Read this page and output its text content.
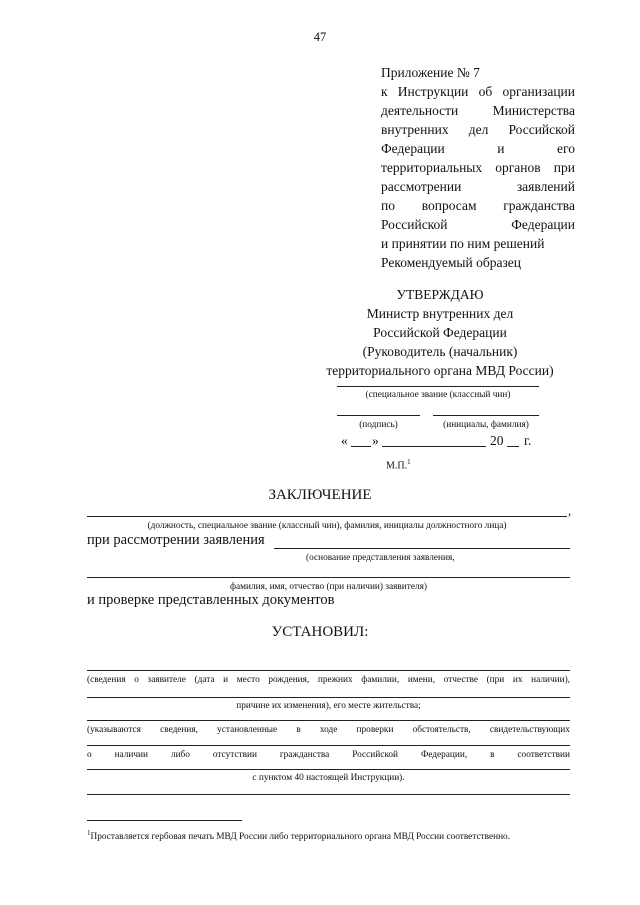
47
Приложение № 7
к Инструкции об организации
деятельности Министерства
внутренних дел Российской
Федерации и его
территориальных органов при
рассмотрении заявлений
по вопросам гражданства
Российской Федерации
и принятии по ним решений
Рекомендуемый образец
УТВЕРЖДАЮ
Министр внутренних дел
Российской Федерации
(Руководитель (начальник)
территориального органа МВД России)
(специальное звание (классный чин)
(подпись)	(инициалы, фамилия)
« »	20 г.
М.П.$^1$
ЗАКЛЮЧЕНИЕ
,
(должность, специальное звание (классный чин), фамилия, инициалы должностного лица)
при рассмотрении заявления
(основание представления заявления,
фамилия, имя, отчество (при наличии) заявителя)
и проверке представленных документов
УСТАНОВИЛ:
(сведения о заявителе (дата и место рождения, прежних фамилии, имени, отчестве (при их наличии),
причине их изменения), его месте жительства;
(указываются сведения, установленные в ходе проверки обстоятельств, свидетельствующих
о наличии либо отсутствии гражданства Российской Федерации, в соответствии
с пунктом 40 настоящей Инструкции).
$^1$Проставляется гербовая печать МВД России либо территориального органа МВД России соответственно.
